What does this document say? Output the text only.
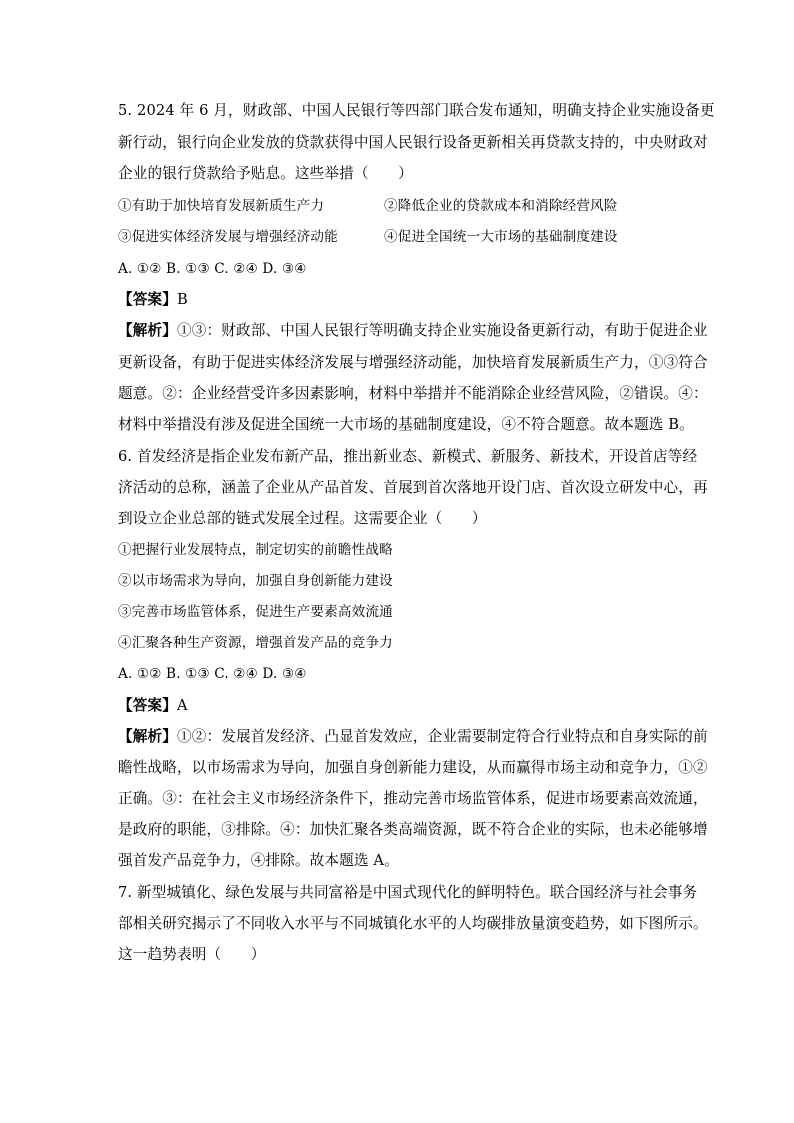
5. 2024 年 6 月，财政部、中国人民银行等四部门联合发布通知，明确支持企业实施设备更
新行动，银行向企业发放的贷款获得中国人民银行设备更新相关再贷款支持的，中央财政对
企业的银行贷款给予贴息。这些举措（　　）
①有助于加快培育发展新质生产力	②降低企业的贷款成本和消除经营风险
③促进实体经济发展与增强经济动能	④促进全国统一大市场的基础制度建设
A. ①② B. ①③ C. ②④ D. ③④
【答案】B
【解析】①③：财政部、中国人民银行等明确支持企业实施设备更新行动，有助于促进企业
更新设备，有助于促进实体经济发展与增强经济动能，加快培育发展新质生产力，①③符合
题意。②：企业经营受许多因素影响，材料中举措并不能消除企业经营风险，②错误。④：
材料中举措没有涉及促进全国统一大市场的基础制度建设，④不符合题意。故本题选 B。
6. 首发经济是指企业发布新产品，推出新业态、新模式、新服务、新技术，开设首店等经
济活动的总称，涵盖了企业从产品首发、首展到首次落地开设门店、首次设立研发中心，再
到设立企业总部的链式发展全过程。这需要企业（　　）
①把握行业发展特点，制定切实的前瞻性战略
②以市场需求为导向，加强自身创新能力建设
③完善市场监管体系，促进生产要素高效流通
④汇聚各种生产资源，增强首发产品的竞争力
A. ①② B. ①③ C. ②④ D. ③④
【答案】A
【解析】①②：发展首发经济、凸显首发效应，企业需要制定符合行业特点和自身实际的前
瞻性战略，以市场需求为导向，加强自身创新能力建设，从而赢得市场主动和竞争力，①②
正确。③：在社会主义市场经济条件下，推动完善市场监管体系，促进市场要素高效流通，
是政府的职能，③排除。④：加快汇聚各类高端资源，既不符合企业的实际，也未必能够增
强首发产品竞争力，④排除。故本题选 A。
7. 新型城镇化、绿色发展与共同富裕是中国式现代化的鲜明特色。联合国经济与社会事务
部相关研究揭示了不同收入水平与不同城镇化水平的人均碳排放量演变趋势，如下图所示。
这一趋势表明（　　）
